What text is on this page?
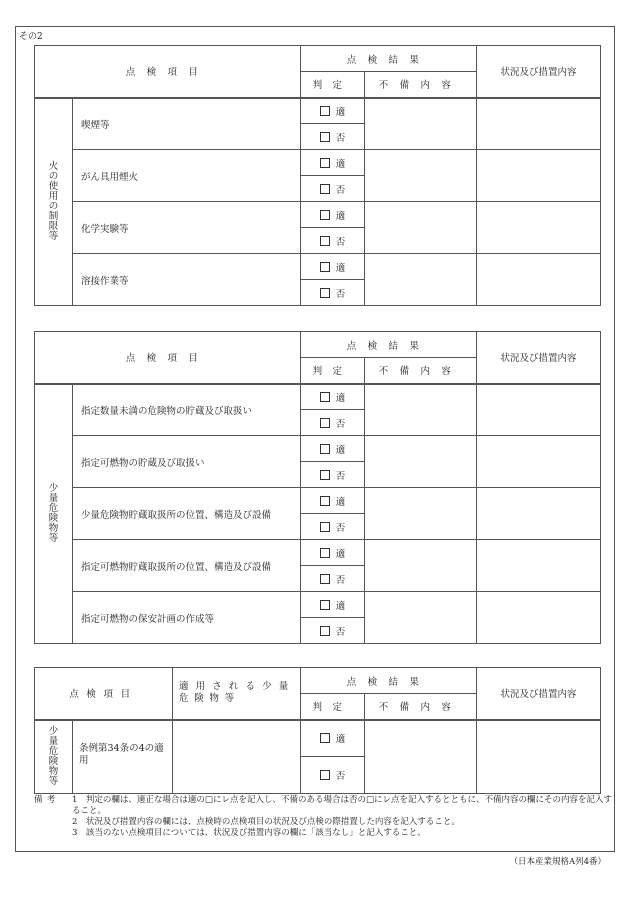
その2
点検項目		点検結果		状況及び措置内容
		判定	不備内容	
火の使用の制限等	喫煙等	適		
		否		
	がん具用煙火	適		
		否		
	化学実験等	適		
		否		
	溶接作業等	適		
		否		
点検項目		点検結果		状況及び措置内容
		判定	不備内容	
少量危険物等	指定数量未満の危険物の貯蔵及び取扱い	適		
		否		
	指定可燃物の貯蔵及び取扱い	適		
		否		
	少量危険物貯蔵取扱所の位置、構造及び設備	適		
		否		
	指定可燃物貯蔵取扱所の位置、構造及び設備	適		
		否		
	指定可燃物の保安計画の作成等	適		
		否		
点検項目		適用される少量危険物等	点検結果		状況及び措置内容
			判定	不備内容	
少量危険物等	条例第34条の4の適用		適		
			否		
備考 1　判定の欄は、適正な場合は適の□にレ点を記入し、不備のある場合は否の□にレ点を記入するとともに、不備内容の欄にその内容を記入すること。
2　状況及び措置内容の欄には、点検時の点検項目の状況及び点検の際措置した内容を記入すること。
3　該当のない点検項目については、状況及び措置内容の欄に「該当なし」と記入すること。
（日本産業規格A列4番）
